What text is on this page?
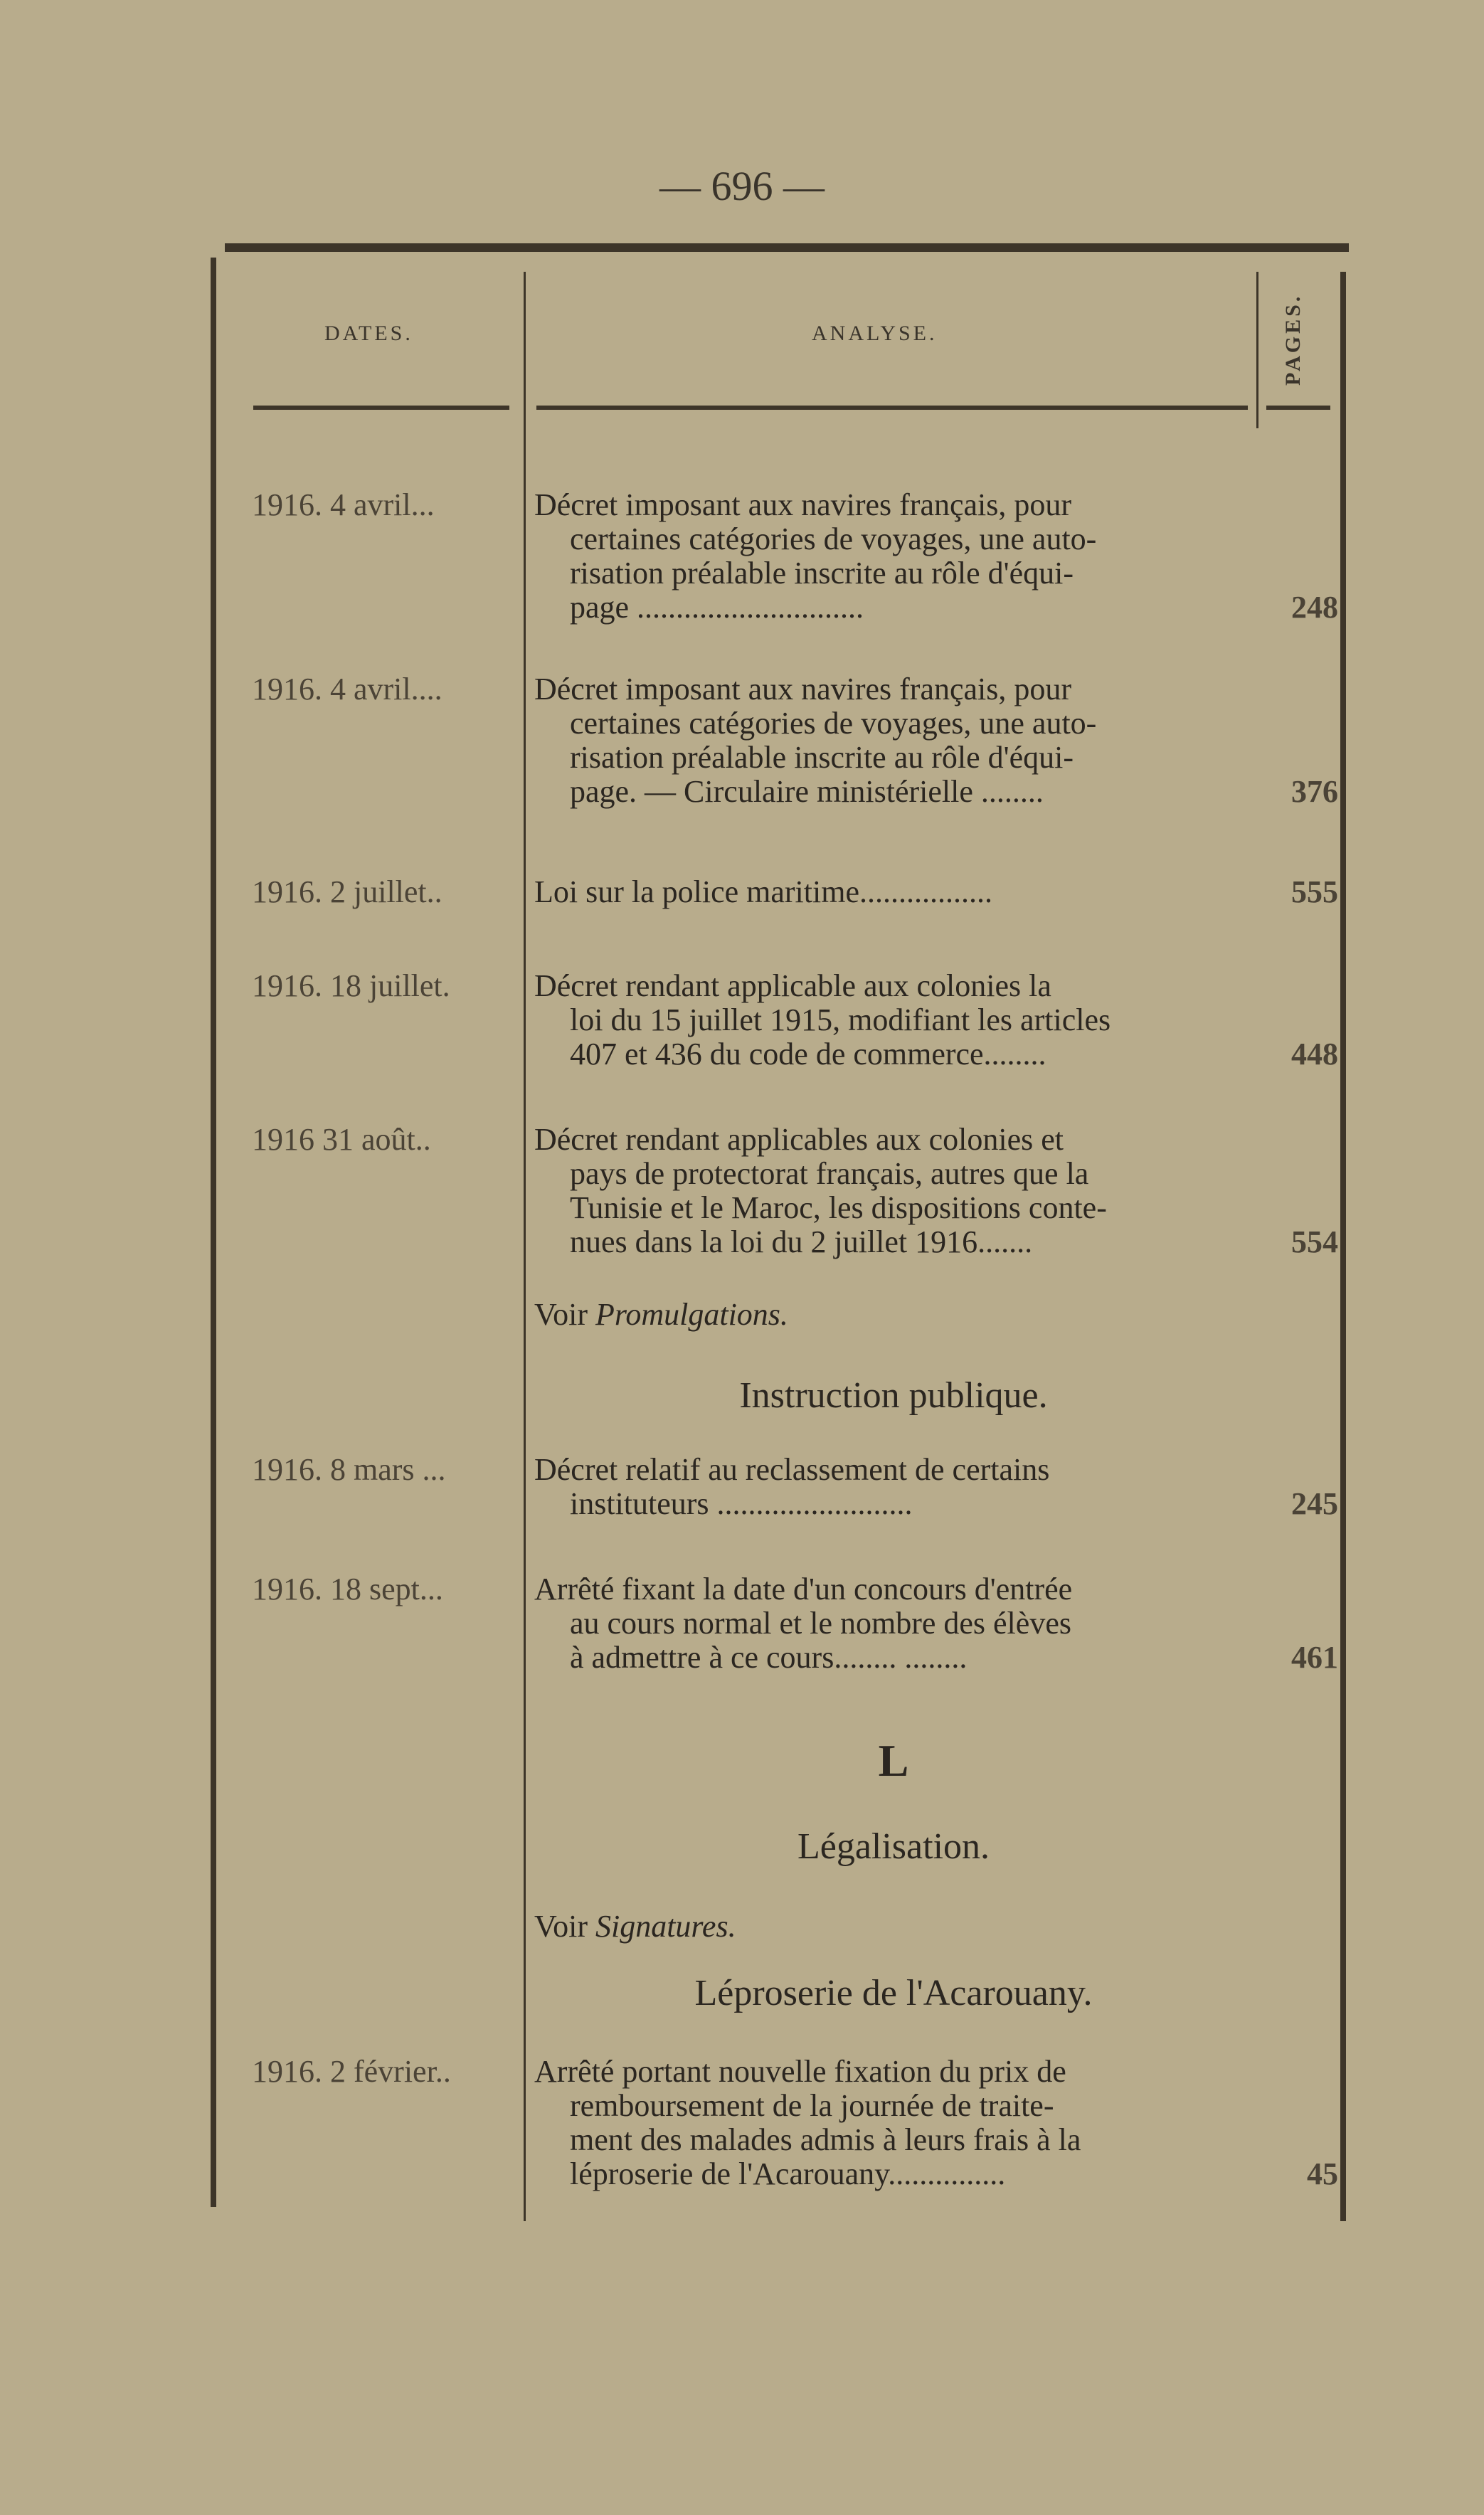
— 696 —
DATES.	ANALYSE.	PAGES.
1916. 4 avril...	Décret imposant aux navires français, pour
certaines catégories de voyages, une auto-
risation préalable inscrite au rôle d'équi-
page .............................	248
1916. 4 avril....	Décret imposant aux navires français, pour
certaines catégories de voyages, une auto-
risation préalable inscrite au rôle d'équi-
page. — Circulaire ministérielle ........	376
1916. 2 juillet..	Loi sur la police maritime.................	555
1916. 18 juillet.	Décret rendant applicable aux colonies la
loi du 15 juillet 1915, modifiant les articles
407 et 436 du code de commerce........	448
1916 31 août..	Décret rendant applicables aux colonies et
pays de protectorat français, autres que la
Tunisie et le Maroc, les dispositions conte-
nues dans la loi du 2 juillet 1916.......	554
Voir Promulgations.
Instruction publique.
1916. 8 mars ...	Décret relatif au reclassement de certains
instituteurs .........................	245
1916. 18 sept...	Arrêté fixant la date d'un concours d'entrée
au cours normal et le nombre des élèves
à admettre à ce cours........ ........	461
L
Légalisation.
Voir Signatures.
Léproserie de l'Acarouany.
1916. 2 février..	Arrêté portant nouvelle fixation du prix de
remboursement de la journée de traite-
ment des malades admis à leurs frais à la
léproserie de l'Acarouany...............	45
